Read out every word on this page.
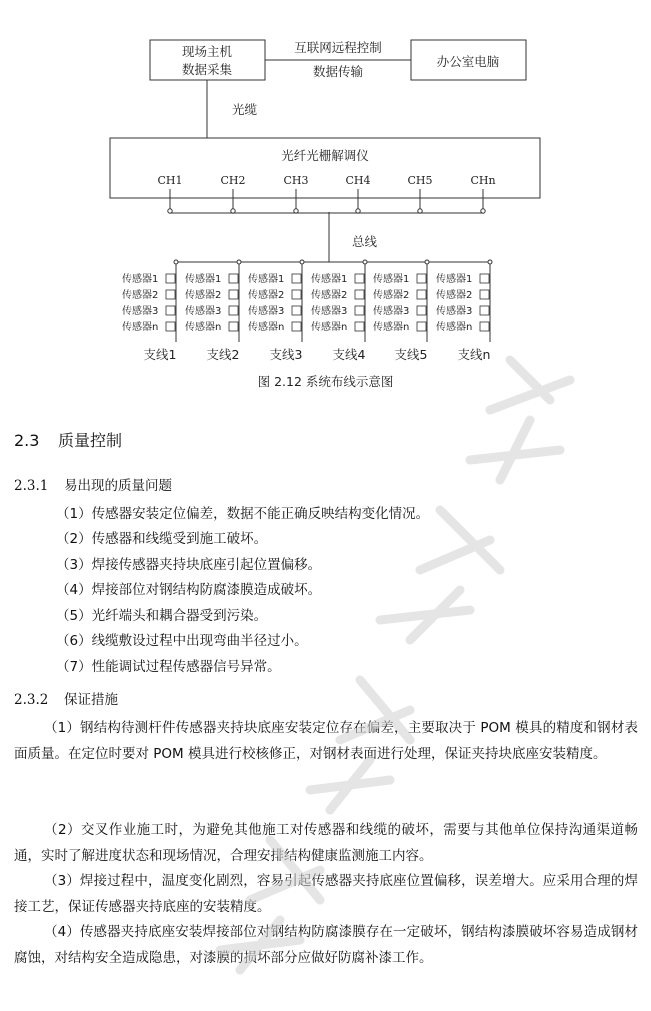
现场主机
数据采集
互联网远程控制
数据传输
办公室电脑
光缆
光纤光栅解调仪
CH1	CH2	CH3	CH4	CH5	CHn
总线
传感器1
传感器2
传感器3
传感器n
支线1
传感器1
传感器2
传感器3
传感器n
支线2
传感器1
传感器2
传感器3
传感器n
支线3
传感器1
传感器2
传感器3
传感器n
支线4
传感器1
传感器2
传感器3
传感器n
支线5
传感器1
传感器2
传感器3
传感器n
支线n
图 2.12 系统布线示意图
2.3 质量控制
2.3.1 易出现的质量问题
（1）传感器安装定位偏差，数据不能正确反映结构变化情况。
（2）传感器和线缆受到施工破坏。
（3）焊接传感器夹持块底座引起位置偏移。
（4）焊接部位对钢结构防腐漆膜造成破坏。
（5）光纤端头和耦合器受到污染。
（6）线缆敷设过程中出现弯曲半径过小。
（7）性能调试过程传感器信号异常。
2.3.2 保证措施

（1）钢结构待测杆件传感器夹持块底座安装定位存在偏差，主要取决于 POM 模具的精度和钢材表面质量。在定位时要对 POM 模具进行校核修正，对钢材表面进行处理，保证夹持块底座安装精度。

（2）交叉作业施工时，为避免其他施工对传感器和线缆的破坏，需要与其他单位保持沟通渠道畅通，实时了解进度状态和现场情况，合理安排结构健康监测施工内容。

（3）焊接过程中，温度变化剧烈，容易引起传感器夹持底座位置偏移，误差增大。应采用合理的焊接工艺，保证传感器夹持底座的安装精度。

（4）传感器夹持底座安装焊接部位对钢结构防腐漆膜存在一定破坏，钢结构漆膜破坏容易造成钢材腐蚀，对结构安全造成隐患，对漆膜的损坏部分应做好防腐补漆工作。
